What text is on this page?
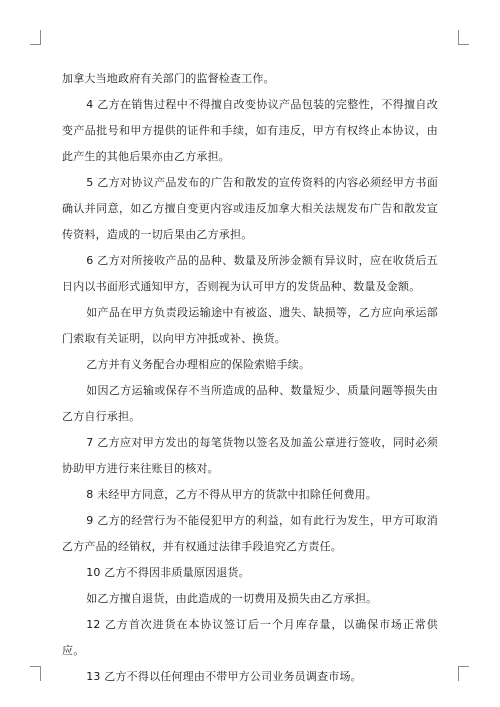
加拿大当地政府有关部门的监督检查工作。

4 乙方在销售过程中不得擅自改变协议产品包装的完整性，不得擅自改变产品批号和甲方提供的证件和手续，如有违反，甲方有权终止本协议，由此产生的其他后果亦由乙方承担。

5 乙方对协议产品发布的广告和散发的宣传资料的内容必须经甲方书面确认并同意，如乙方擅自变更内容或违反加拿大相关法规发布广告和散发宣传资料，造成的一切后果由乙方承担。

6 乙方对所接收产品的品种、数量及所涉金额有异议时，应在收货后五日内以书面形式通知甲方，否则视为认可甲方的发货品种、数量及金额。

如产品在甲方负责段运输途中有被盗、遗失、缺损等，乙方应向承运部门索取有关证明，以向甲方冲抵或补、换货。

乙方并有义务配合办理相应的保险索赔手续。

如因乙方运输或保存不当所造成的品种、数量短少、质量问题等损失由乙方自行承担。

7 乙方应对甲方发出的每笔货物以签名及加盖公章进行签收，同时必须协助甲方进行来往账目的核对。

8 未经甲方同意，乙方不得从甲方的货款中扣除任何费用。

9 乙方的经营行为不能侵犯甲方的利益，如有此行为发生，甲方可取消乙方产品的经销权，并有权通过法律手段追究乙方责任。

10 乙方不得因非质量原因退货。

如乙方擅自退货，由此造成的一切费用及损失由乙方承担。

12 乙方首次进货在本协议签订后一个月库存量，以确保市场正常供应。

13 乙方不得以任何理由不带甲方公司业务员调查市场。
